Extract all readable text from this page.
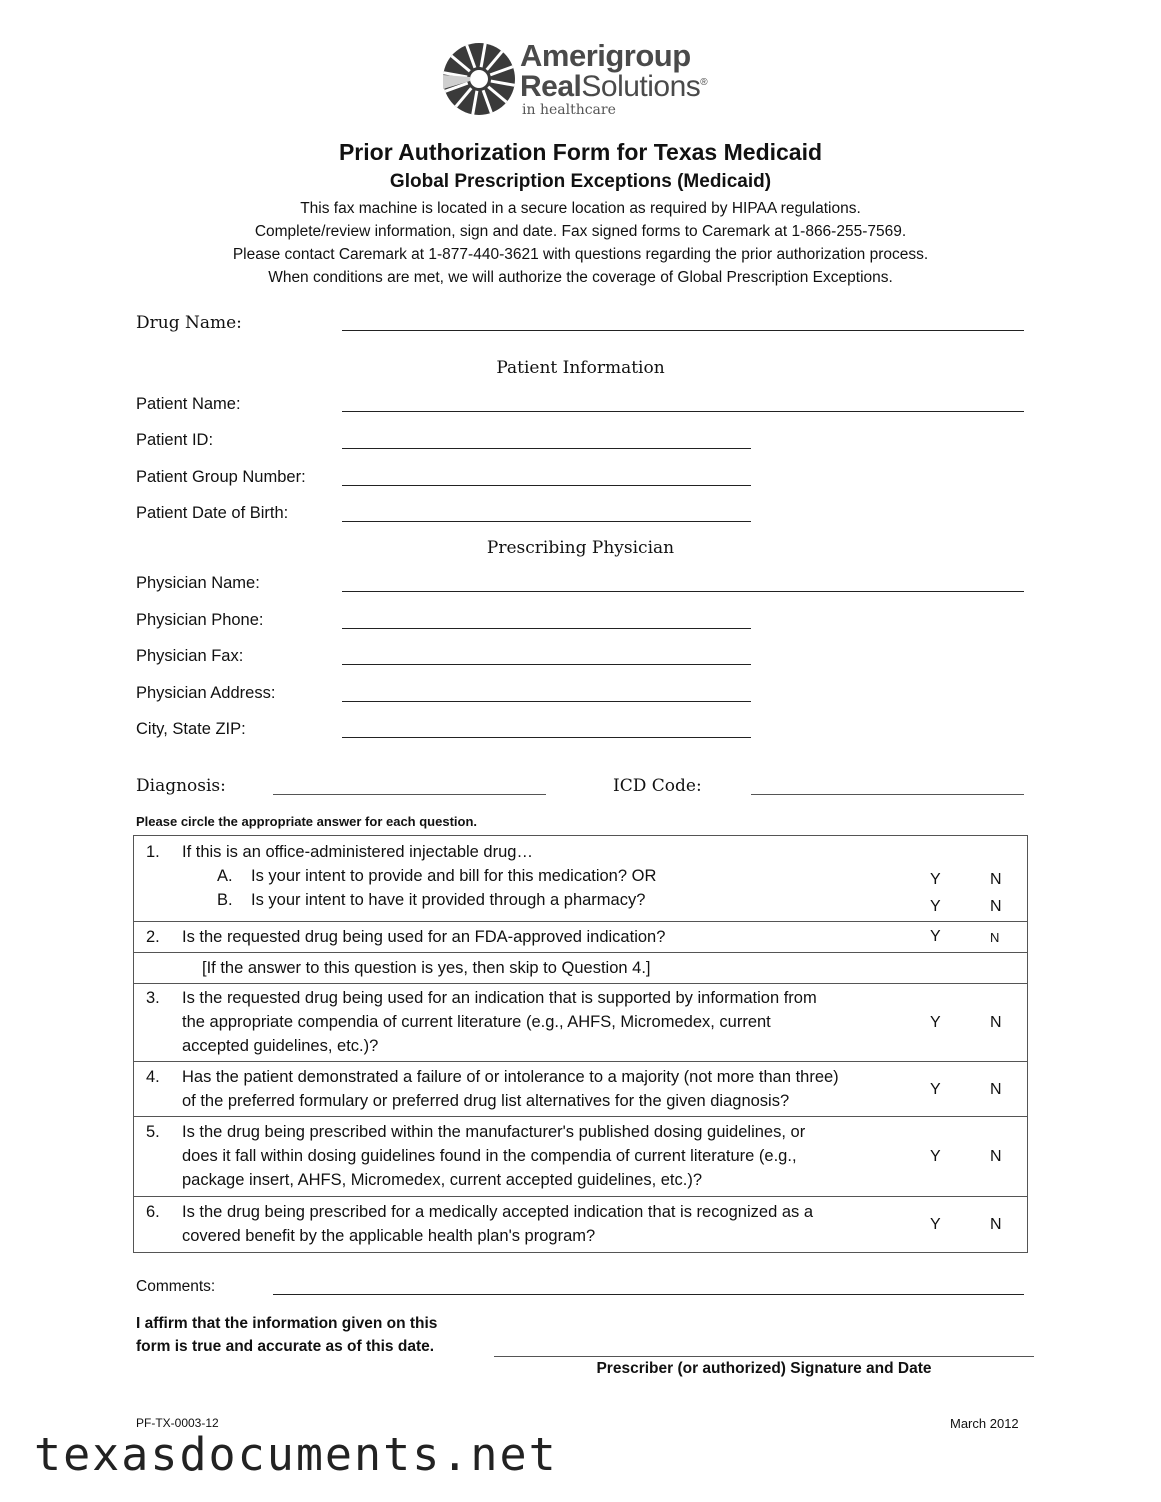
Amerigroup
RealSolutions®
in healthcare
Prior Authorization Form for Texas Medicaid
Global Prescription Exceptions (Medicaid)
This fax machine is located in a secure location as required by HIPAA regulations.
Complete/review information, sign and date. Fax signed forms to Caremark at 1-866-255-7569.
Please contact Caremark at 1-877-440-3621 with questions regarding the prior authorization process.
When conditions are met, we will authorize the coverage of Global Prescription Exceptions.
Drug Name:
Patient Information
Patient Name:
Patient ID:
Patient Group Number:
Patient Date of Birth:
Prescribing Physician
Physician Name:
Physician Phone:
Physician Fax:
Physician Address:
City, State ZIP:
Diagnosis:	ICD Code:
Please circle the appropriate answer for each question.
1. If this is an office-administered injectable drug…
A. Is your intent to provide and bill for this medication? OR
B. Is your intent to have it provided through a pharmacy?
Y	N
Y	N
2. Is the requested drug being used for an FDA-approved indication?	Y	N
[If the answer to this question is yes, then skip to Question 4.]
3. Is the requested drug being used for an indication that is supported by information from
the appropriate compendia of current literature (e.g., AHFS, Micromedex, current
accepted guidelines, etc.)?
Y	N
4. Has the patient demonstrated a failure of or intolerance to a majority (not more than three)
of the preferred formulary or preferred drug list alternatives for the given diagnosis?
Y	N
5. Is the drug being prescribed within the manufacturer's published dosing guidelines, or
does it fall within dosing guidelines found in the compendia of current literature (e.g.,
package insert, AHFS, Micromedex, current accepted guidelines, etc.)?
Y	N
6. Is the drug being prescribed for a medically accepted indication that is recognized as a
covered benefit by the applicable health plan's program?
Y	N
Comments:
I affirm that the information given on this
form is true and accurate as of this date.
Prescriber (or authorized) Signature and Date
PF-TX-0003-12	March 2012
texasdocuments.net
